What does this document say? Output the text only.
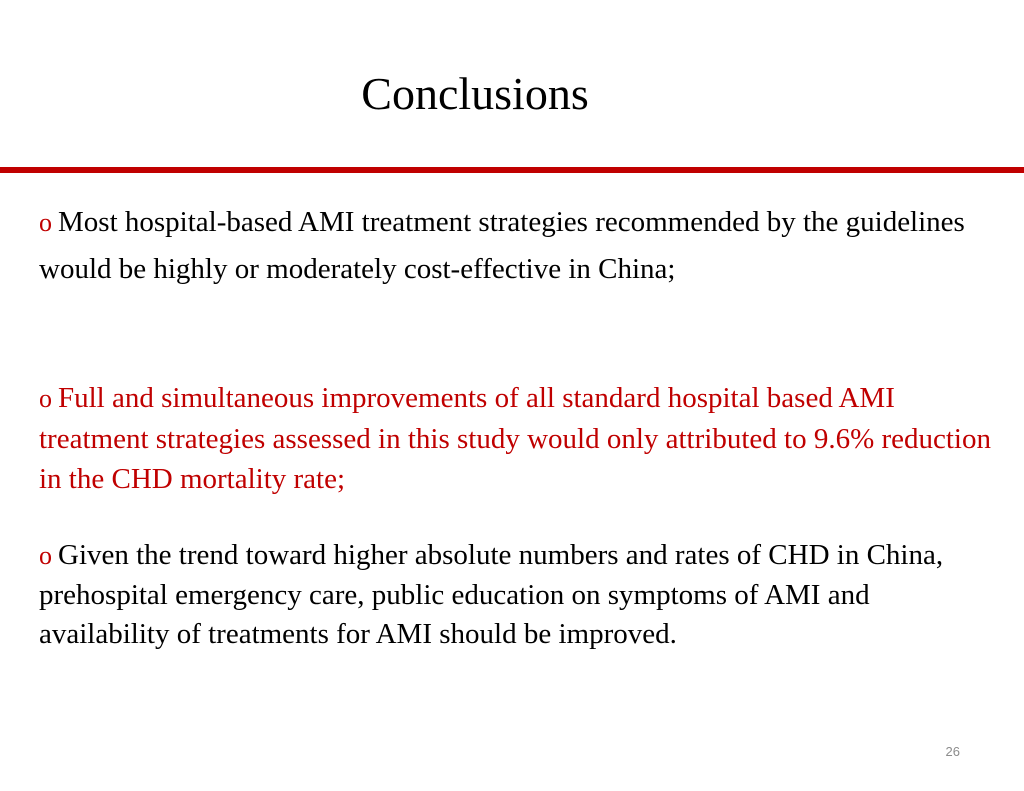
Conclusions

o Most hospital-based AMI treatment strategies recommended by the guidelines would be highly or moderately cost-effective in China;

o Full and simultaneous improvements of all standard hospital based AMI treatment strategies assessed in this study would only attributed to 9.6% reduction in the CHD mortality rate;

o Given the trend toward higher absolute numbers and rates of CHD in China, prehospital emergency care, public education on symptoms of AMI and availability of treatments for AMI should be improved.

26
